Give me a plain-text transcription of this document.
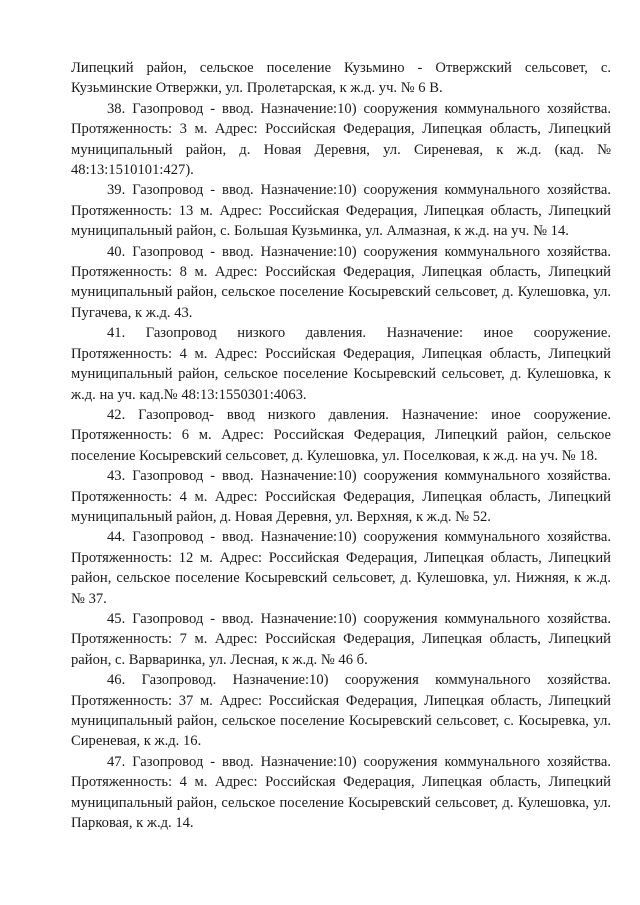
Липецкий район, сельское поселение Кузьмино - Отвержский сельсовет, с. Кузьминские Отвержки, ул. Пролетарская, к ж.д. уч. № 6 В.

38. Газопровод - ввод. Назначение:10) сооружения коммунального хозяйства. Протяженность: 3 м. Адрес: Российская Федерация, Липецкая область, Липецкий муниципальный район, д. Новая Деревня, ул. Сиреневая, к ж.д. (кад. № 48:13:1510101:427).

39. Газопровод - ввод. Назначение:10) сооружения коммунального хозяйства. Протяженность: 13 м. Адрес: Российская Федерация, Липецкая область, Липецкий муниципальный район, с. Большая Кузьминка, ул. Алмазная, к ж.д. на уч. № 14.

40. Газопровод - ввод. Назначение:10) сооружения коммунального хозяйства. Протяженность: 8 м. Адрес: Российская Федерация, Липецкая область, Липецкий муниципальный район, сельское поселение Косыревский сельсовет, д. Кулешовка, ул. Пугачева, к ж.д. 43.

41. Газопровод низкого давления. Назначение: иное сооружение. Протяженность: 4 м. Адрес: Российская Федерация, Липецкая область, Липецкий муниципальный район, сельское поселение Косыревский сельсовет, д. Кулешовка, к ж.д. на уч. кад.№ 48:13:1550301:4063.

42. Газопровод- ввод низкого давления. Назначение: иное сооружение. Протяженность: 6 м. Адрес: Российская Федерация, Липецкий район, сельское поселение Косыревский сельсовет, д. Кулешовка, ул. Поселковая, к ж.д. на уч. № 18.

43. Газопровод - ввод. Назначение:10) сооружения коммунального хозяйства. Протяженность: 4 м. Адрес: Российская Федерация, Липецкая область, Липецкий муниципальный район, д. Новая Деревня, ул. Верхняя, к ж.д. № 52.

44. Газопровод - ввод. Назначение:10) сооружения коммунального хозяйства. Протяженность: 12 м. Адрес: Российская Федерация, Липецкая область, Липецкий район, сельское поселение Косыревский сельсовет, д. Кулешовка, ул. Нижняя, к ж.д. № 37.

45. Газопровод - ввод. Назначение:10) сооружения коммунального хозяйства. Протяженность: 7 м. Адрес: Российская Федерация, Липецкая область, Липецкий район, с. Варваринка, ул. Лесная, к ж.д. № 46 б.

46. Газопровод. Назначение:10) сооружения коммунального хозяйства. Протяженность: 37 м. Адрес: Российская Федерация, Липецкая область, Липецкий муниципальный район, сельское поселение Косыревский сельсовет, с. Косыревка, ул. Сиреневая, к ж.д. 16.

47. Газопровод - ввод. Назначение:10) сооружения коммунального хозяйства. Протяженность: 4 м. Адрес: Российская Федерация, Липецкая область, Липецкий муниципальный район, сельское поселение Косыревский сельсовет, д. Кулешовка, ул. Парковая, к ж.д. 14.
